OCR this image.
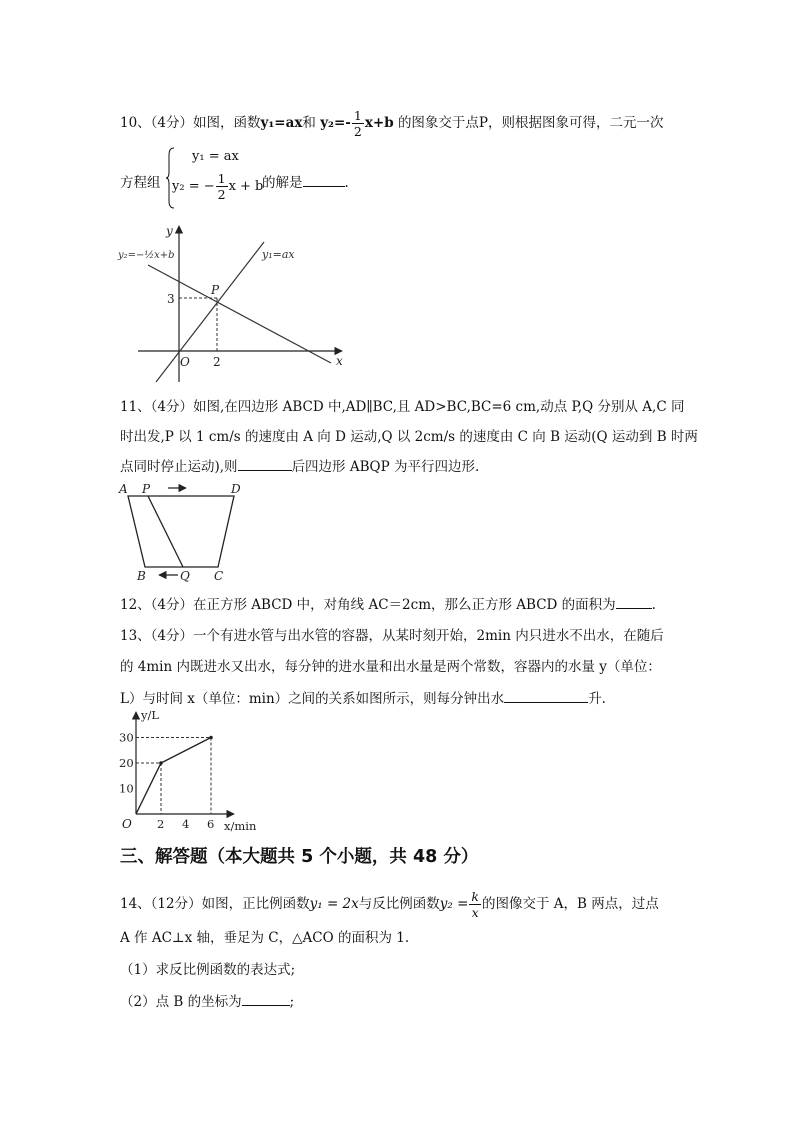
10、（4分）如图，函数y₁=ax和 $y_2=- \frac{1}{2} x+b$ 的图象交于点P，则根据图象可得，二元一次
方程组
y₁ = ax
y₂ = − $\frac{1}{2}$ x + b
的解是	.
y₂=−½x+b	y₁=ax
y
x
O
P
3
2
11、（4分）如图,在四边形 ABCD 中,AD∥BC,且 AD>BC,BC=6 cm,动点 P,Q 分别从 A,C 同
时出发,P 以 1 cm/s 的速度由 A 向 D 运动,Q 以 2cm/s 的速度由 C 向 B 运动(Q 运动到 B 时两
点同时停止运动),则	后四边形 ABQP 为平行四边形.
A P	D
B	Q C
12、（4分）在正方形 ABCD 中，对角线 AC＝2cm，那么正方形 ABCD 的面积为	.
13、（4分）一个有进水管与出水管的容器，从某时刻开始，2min 内只进水不出水，在随后
的 4min 内既进水又出水，每分钟的进水量和出水量是两个常数，容器内的水量 y（单位：
L）与时间 x（单位：min）之间的关系如图所示，则每分钟出水	升.
2 4 6
10
20
30
y/L
x/min
O
三、解答题（本大题共 5 个小题，共 48 分）
14、（12分）如图，正比例函数y₁ = 2x与反比例函数$y_2 = \frac{k}{x}$ 的图像交于 A，B 两点，过点
A 作 AC⊥x 轴，垂足为 C，△ACO 的面积为 1.
（1）求反比例函数的表达式;
（2）点 B 的坐标为	;
